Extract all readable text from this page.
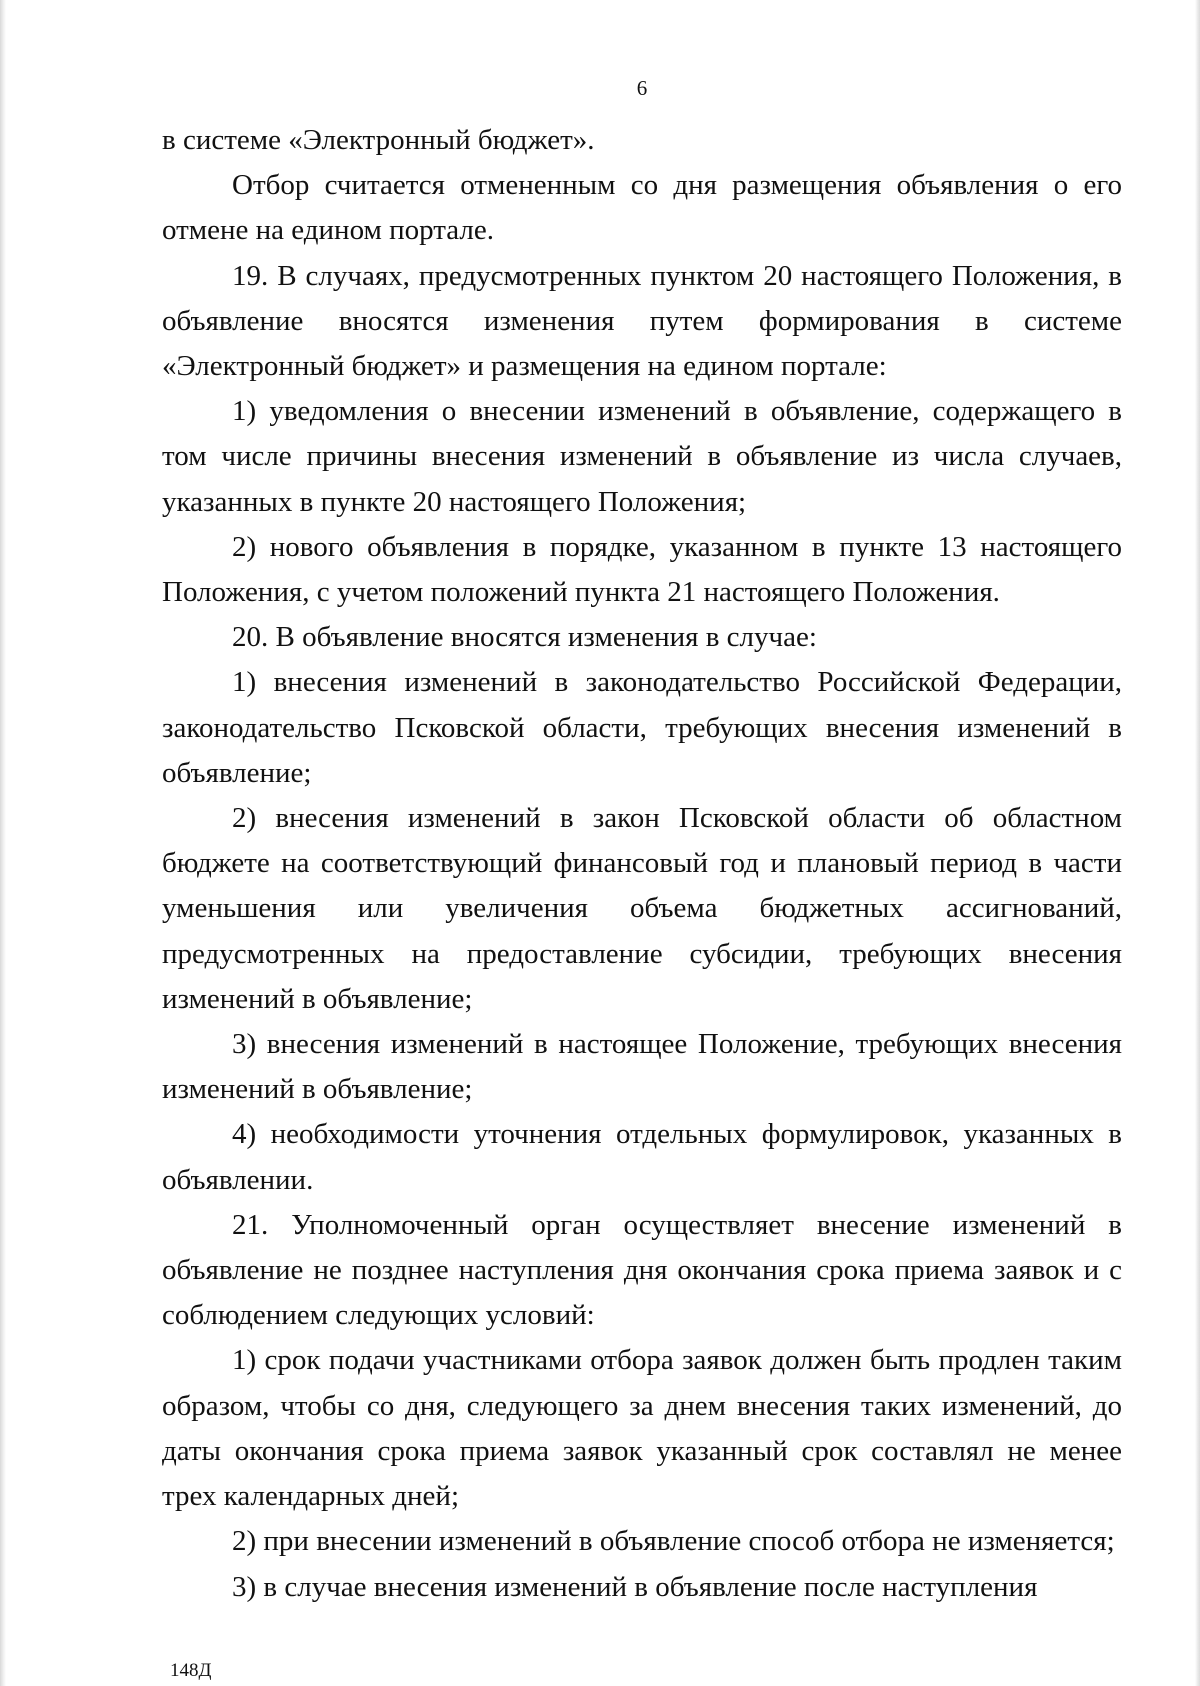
6

в системе «Электронный бюджет».

Отбор считается отмененным со дня размещения объявления о его отмене на едином портале.

19. В случаях, предусмотренных пунктом 20 настоящего Положения, в объявление вносятся изменения путем формирования в системе «Электронный бюджет» и размещения на едином портале:

1) уведомления о внесении изменений в объявление, содержащего в том числе причины внесения изменений в объявление из числа случаев, указанных в пункте 20 настоящего Положения;

2) нового объявления в порядке, указанном в пункте 13 настоящего Положения, с учетом положений пункта 21 настоящего Положения.

20. В объявление вносятся изменения в случае:

1) внесения изменений в законодательство Российской Федерации, законодательство Псковской области, требующих внесения изменений в объявление;

2) внесения изменений в закон Псковской области об областном бюджете на соответствующий финансовый год и плановый период в части уменьшения или увеличения объема бюджетных ассигнований, предусмотренных на предоставление субсидии, требующих внесения изменений в объявление;

3) внесения изменений в настоящее Положение, требующих внесения изменений в объявление;

4) необходимости уточнения отдельных формулировок, указанных в объявлении.

21. Уполномоченный орган осуществляет внесение изменений в объявление не позднее наступления дня окончания срока приема заявок и с соблюдением следующих условий:

1) срок подачи участниками отбора заявок должен быть продлен таким образом, чтобы со дня, следующего за днем внесения таких изменений, до даты окончания срока приема заявок указанный срок составлял не менее трех календарных дней;

2) при внесении изменений в объявление способ отбора не изменяется;

3) в случае внесения изменений в объявление после наступления

148Д
